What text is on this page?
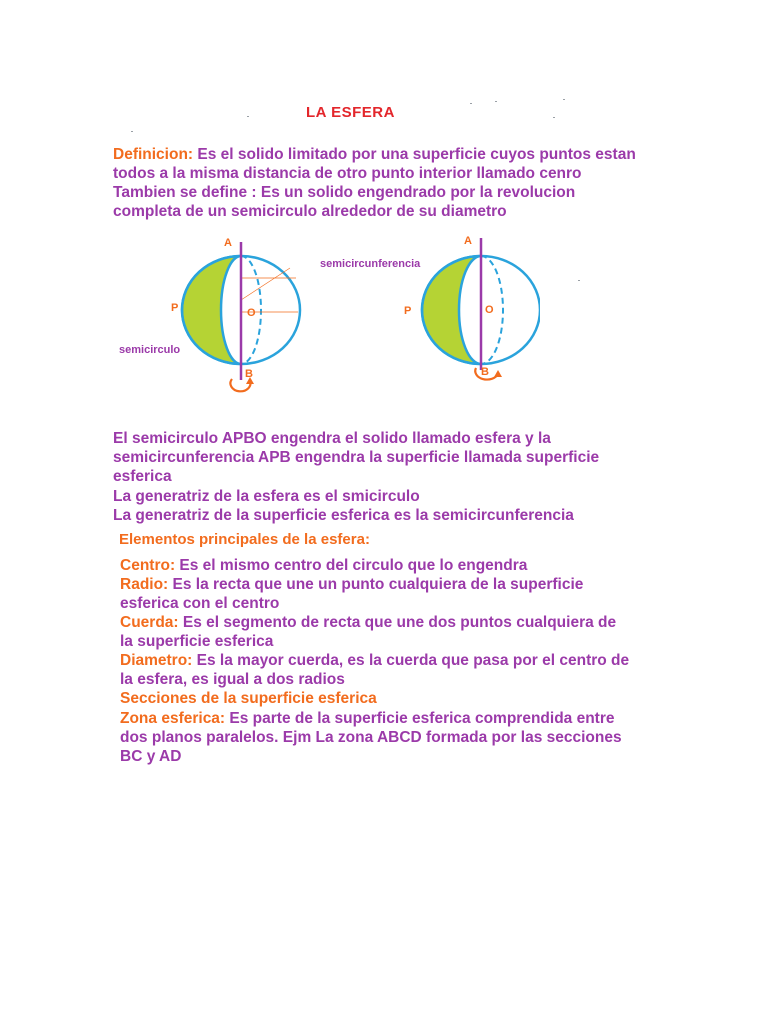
LA ESFERA
Definicion: Es el solido limitado por una superficie cuyos puntos estan
todos a la misma distancia de otro punto interior llamado cenro
Tambien se define : Es un solido engendrado por la revolucion
completa de un semicirculo alrededor de su diametro
A
P	O
B
semicirculo
A
P	O
B
semicircunferencia
El semicirculo APBO engendra el solido llamado esfera y la
semicircunferencia APB engendra la superficie llamada superficie
esferica
La generatriz de la esfera es el smicirculo
La generatriz de la superficie esferica es la semicircunferencia
Elementos principales de la esfera:
Centro: Es el mismo centro del circulo que lo engendra
Radio: Es la recta que une un punto cualquiera de la superficie
esferica con el centro
Cuerda: Es el segmento de recta que une dos puntos cualquiera de
la superficie esferica
Diametro: Es la mayor cuerda, es la cuerda que pasa por el centro de
la esfera, es igual a dos radios
Secciones de la superficie esferica
Zona esferica: Es parte de la superficie esferica comprendida entre
dos planos paralelos. Ejm La zona ABCD formada por las secciones
BC y AD
